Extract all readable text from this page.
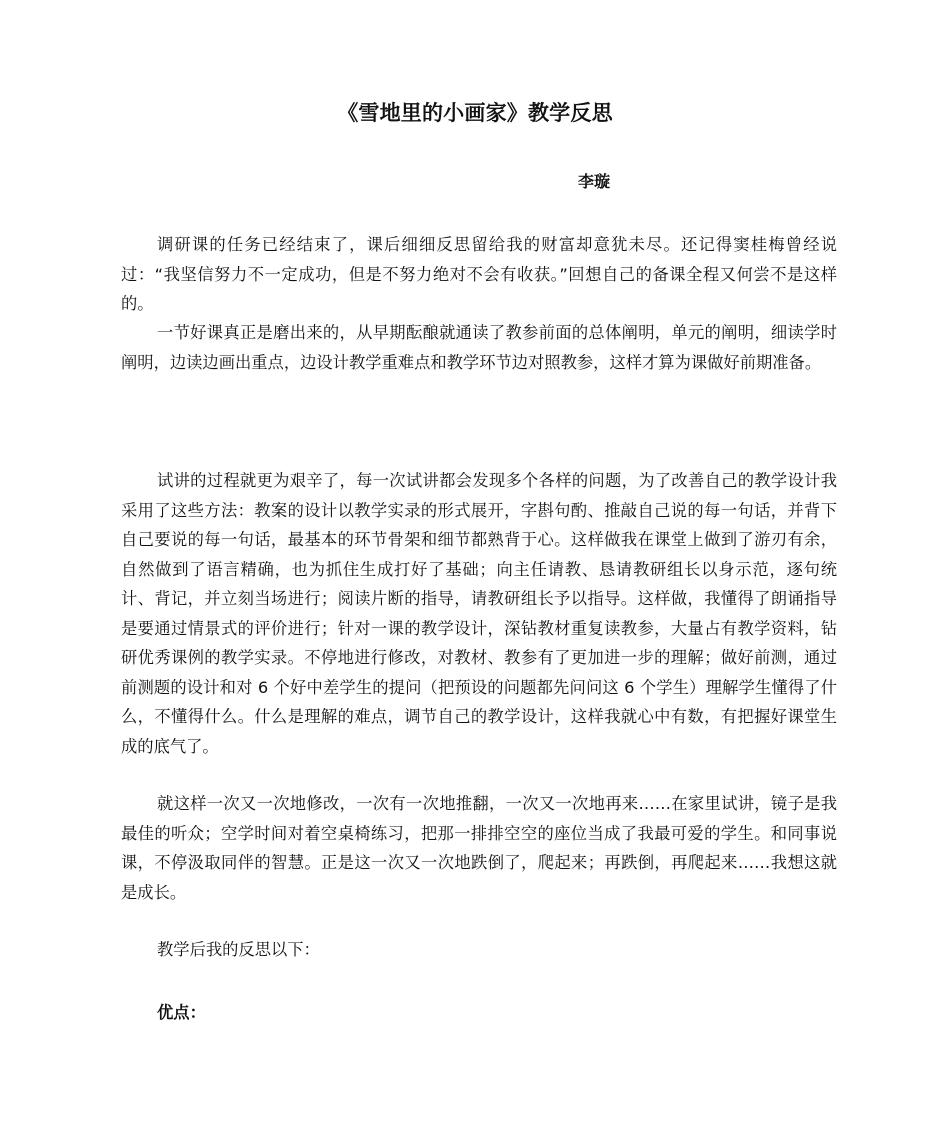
《雪地里的小画家》教学反思
李璇

调研课的任务已经结束了，课后细细反思留给我的财富却意犹未尽。还记得窦桂梅曾经说过：“我坚信努力不一定成功，但是不努力绝对不会有收获。”回想自己的备课全程又何尝不是这样的。

一节好课真正是磨出来的，从早期酝酿就通读了教参前面的总体阐明，单元的阐明，细读学时阐明，边读边画出重点，边设计教学重难点和教学环节边对照教参，这样才算为课做好前期准备。

试讲的过程就更为艰辛了，每一次试讲都会发现多个各样的问题，为了改善自己的教学设计我采用了这些方法：教案的设计以教学实录的形式展开，字斟句酌、推敲自己说的每一句话，并背下自己要说的每一句话，最基本的环节骨架和细节都熟背于心。这样做我在课堂上做到了游刃有余，自然做到了语言精确，也为抓住生成打好了基础；向主任请教、恳请教研组长以身示范，逐句统计、背记，并立刻当场进行；阅读片断的指导，请教研组长予以指导。这样做，我懂得了朗诵指导是要通过情景式的评价进行；针对一课的教学设计，深钻教材重复读教参，大量占有教学资料，钻研优秀课例的教学实录。不停地进行修改，对教材、教参有了更加进一步的理解；做好前测，通过前测题的设计和对 6 个好中差学生的提问（把预设的问题都先问问这 6 个学生）理解学生懂得了什么，不懂得什么。什么是理解的难点，调节自己的教学设计，这样我就心中有数，有把握好课堂生成的底气了。

就这样一次又一次地修改，一次有一次地推翻，一次又一次地再来……在家里试讲，镜子是我最佳的听众；空学时间对着空桌椅练习，把那一排排空空的座位当成了我最可爱的学生。和同事说课，不停汲取同伴的智慧。正是这一次又一次地跌倒了，爬起来；再跌倒，再爬起来……我想这就是成长。

教学后我的反思以下：

优点：
